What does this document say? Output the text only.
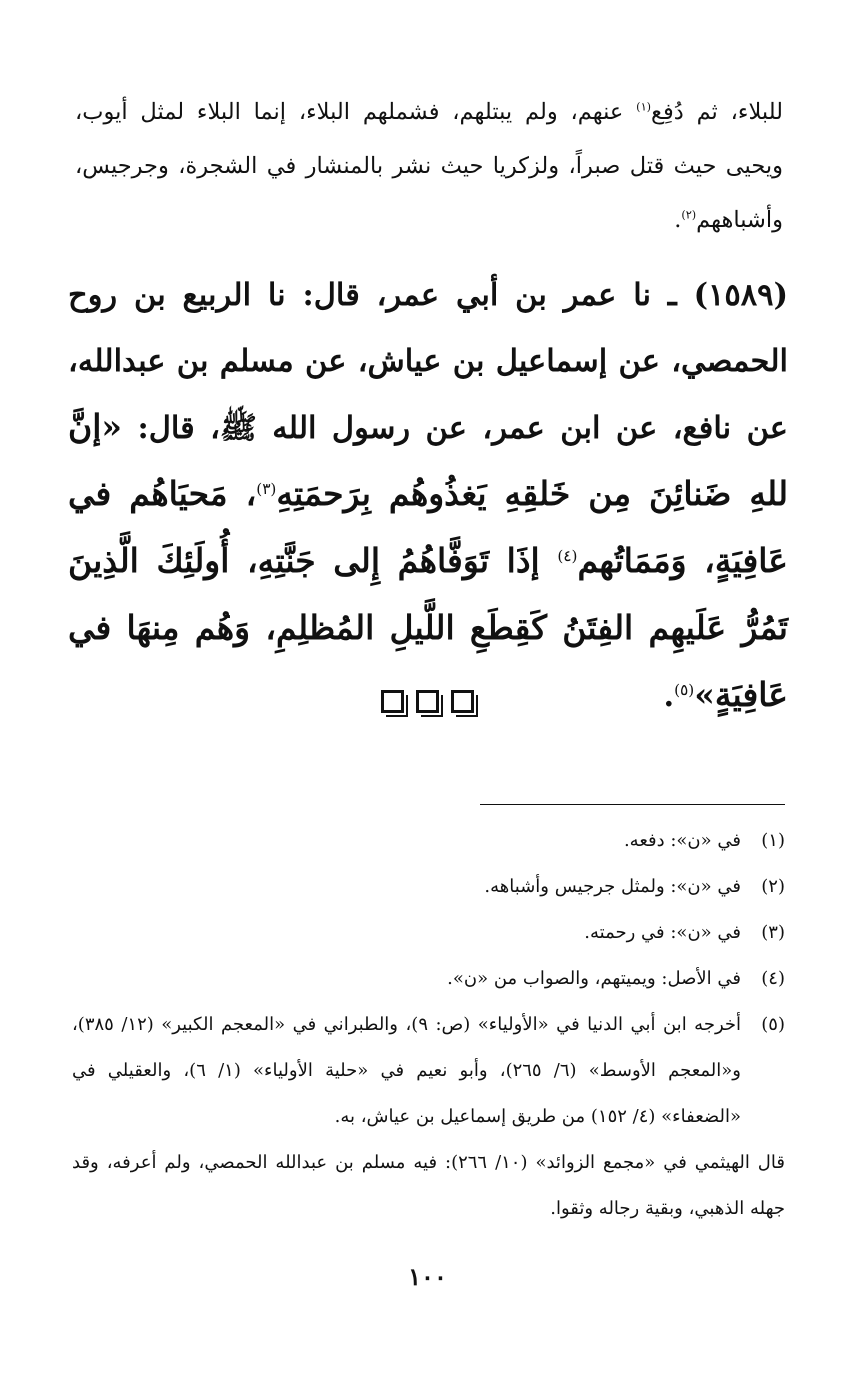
للبلاء، ثم دُفِع$^{(١)}$ عنهم، ولم يبتلهم، فشملهم البلاء، إنما البلاء لمثل أيوب، ويحيى حيث قتل صبراً، ولزكريا حيث نشر بالمنشار في الشجرة، وجرجيس، وأشباههم$^{(٢)}$.

(١٥٨٩) ـ نا عمر بن أبي عمر، قال: نا الربيع بن روح الحمصي، عن إسماعيل بن عياش، عن مسلم بن عبدالله، عن نافع، عن ابن عمر، عن رسول الله ﷺ، قال: «إنَّ للهِ ضَنائِنَ مِن خَلقِهِ يَغذُوهُم بِرَحمَتِهِ$^{(٣)}$، مَحيَاهُم في عَافِيَةٍ، وَمَمَاتُهم$^{(٤)}$ إذَا تَوَفَّاهُمُ إِلى جَنَّتِهِ، أُولَئِكَ الَّذِينَ تَمُرُّ عَلَيهِم الفِتَنُ كَقِطَعِ اللَّيلِ المُظلِمِ، وَهُم مِنهَا في عَافِيَةٍ»$^{(٥)}$.

(١)

في «ن»: دفعه.

(٢)

في «ن»: ولمثل جرجيس وأشباهه.

(٣)

في «ن»: في رحمته.

(٤)

في الأصل: ويميتهم، والصواب من «ن».

(٥)

أخرجه ابن أبي الدنيا في «الأولياء» (ص: ٩)، والطبراني في «المعجم الكبير» (١٢/ ٣٨٥)، و«المعجم الأوسط» (٦/ ٢٦٥)، وأبو نعيم في «حلية الأولياء» (١/ ٦)، والعقيلي في «الضعفاء» (٤/ ١٥٢) من طريق إسماعيل بن عياش، به.

قال الهيثمي في «مجمع الزوائد» (١٠/ ٢٦٦): فيه مسلم بن عبدالله الحمصي، ولم أعرفه، وقد جهله الذهبي، وبقية رجاله وثقوا.

١٠٠
